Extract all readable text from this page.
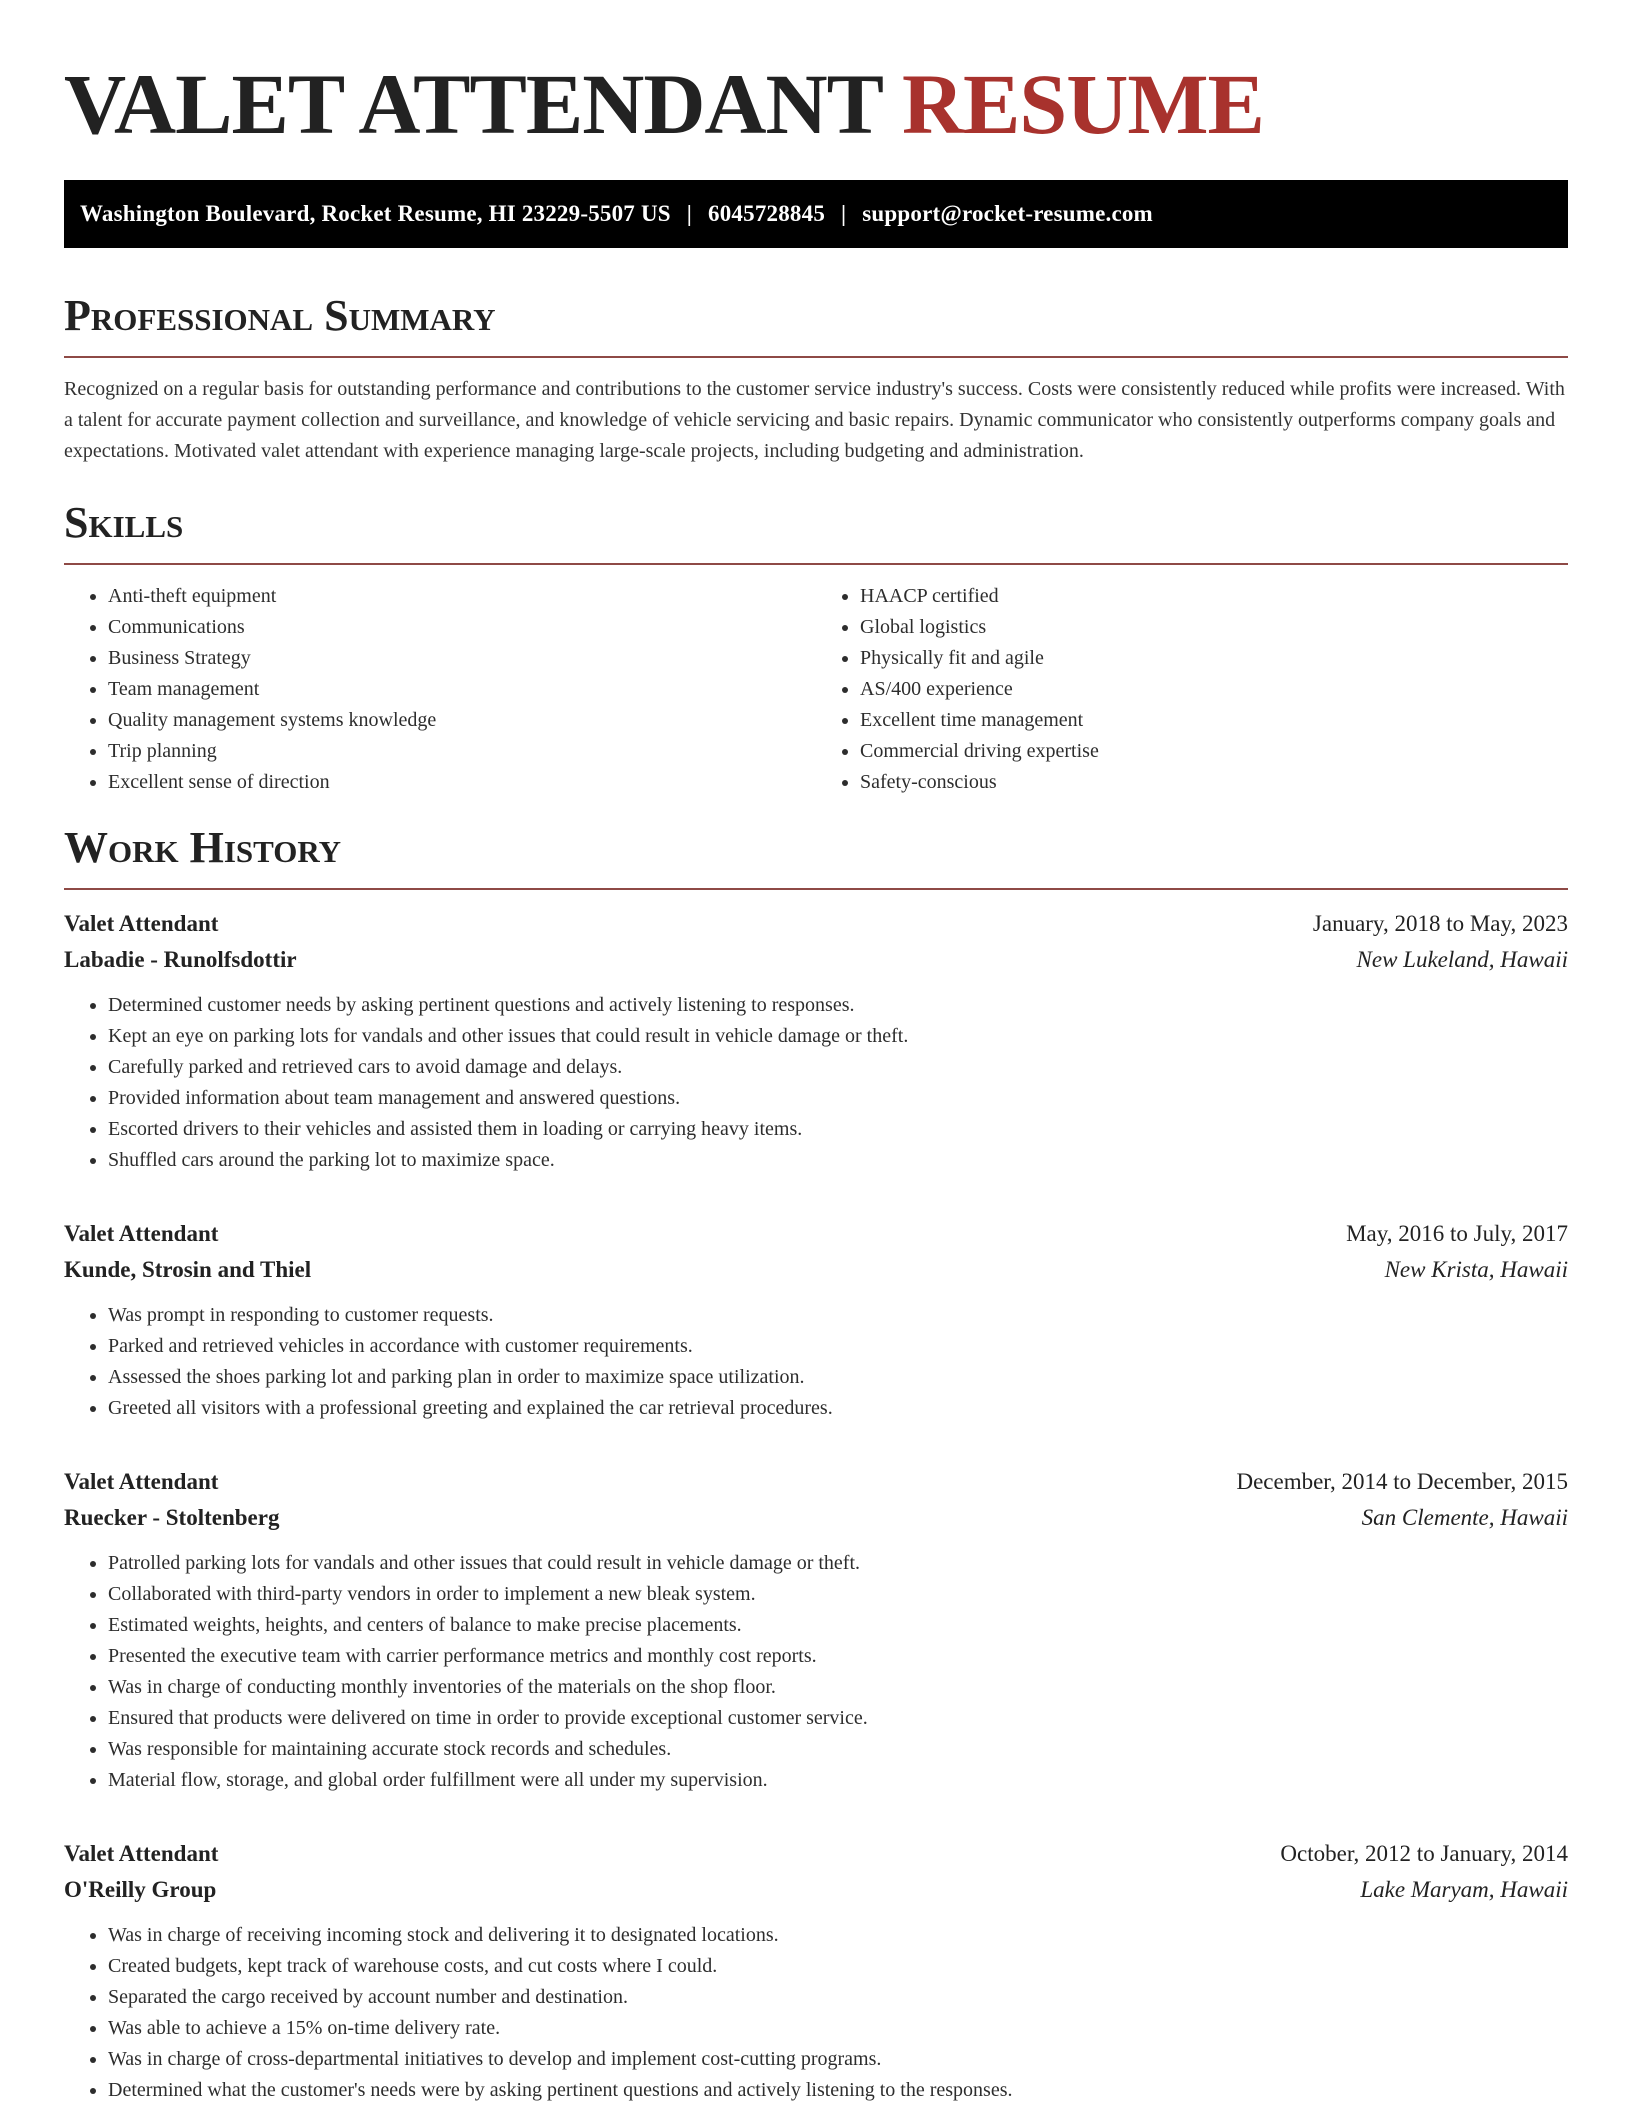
VALET ATTENDANT RESUME
Washington Boulevard, Rocket Resume, HI 23229-5507 US | 6045728845 | support@rocket-resume.com
Professional Summary

Recognized on a regular basis for outstanding performance and contributions to the customer service industry's success. Costs were consistently reduced while profits were increased. With a talent for accurate payment collection and surveillance, and knowledge of vehicle servicing and basic repairs. Dynamic communicator who consistently outperforms company goals and expectations. Motivated valet attendant with experience managing large-scale projects, including budgeting and administration.

Skills
• Anti-theft equipment
• Communications
• Business Strategy
• Team management
• Quality management systems knowledge
• Trip planning
• Excellent sense of direction
• HAACP certified
• Global logistics
• Physically fit and agile
• AS/400 experience
• Excellent time management
• Commercial driving expertise
• Safety-conscious
Work History
Valet Attendant	January, 2018 to May, 2023
Labadie - Runolfsdottir	New Lukeland, Hawaii
• Determined customer needs by asking pertinent questions and actively listening to responses.
• Kept an eye on parking lots for vandals and other issues that could result in vehicle damage or theft.
• Carefully parked and retrieved cars to avoid damage and delays.
• Provided information about team management and answered questions.
• Escorted drivers to their vehicles and assisted them in loading or carrying heavy items.
• Shuffled cars around the parking lot to maximize space.
Valet Attendant	May, 2016 to July, 2017
Kunde, Strosin and Thiel	New Krista, Hawaii
• Was prompt in responding to customer requests.
• Parked and retrieved vehicles in accordance with customer requirements.
• Assessed the shoes parking lot and parking plan in order to maximize space utilization.
• Greeted all visitors with a professional greeting and explained the car retrieval procedures.
Valet Attendant	December, 2014 to December, 2015
Ruecker - Stoltenberg	San Clemente, Hawaii
• Patrolled parking lots for vandals and other issues that could result in vehicle damage or theft.
• Collaborated with third-party vendors in order to implement a new bleak system.
• Estimated weights, heights, and centers of balance to make precise placements.
• Presented the executive team with carrier performance metrics and monthly cost reports.
• Was in charge of conducting monthly inventories of the materials on the shop floor.
• Ensured that products were delivered on time in order to provide exceptional customer service.
• Was responsible for maintaining accurate stock records and schedules.
• Material flow, storage, and global order fulfillment were all under my supervision.
Valet Attendant	October, 2012 to January, 2014
O'Reilly Group	Lake Maryam, Hawaii
• Was in charge of receiving incoming stock and delivering it to designated locations.
• Created budgets, kept track of warehouse costs, and cut costs where I could.
• Separated the cargo received by account number and destination.
• Was able to achieve a 15% on-time delivery rate.
• Was in charge of cross-departmental initiatives to develop and implement cost-cutting programs.
• Determined what the customer's needs were by asking pertinent questions and actively listening to the responses.
